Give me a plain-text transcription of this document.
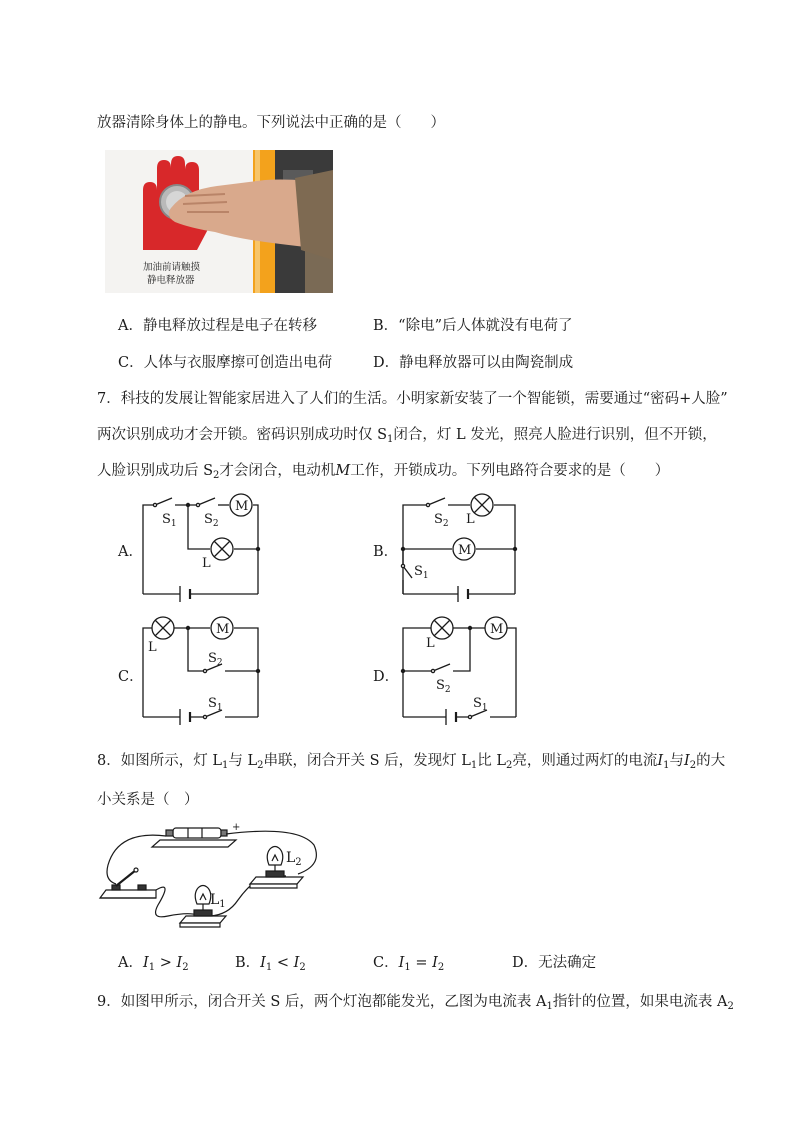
放器清除身体上的静电。下列说法中正确的是（　　）
加油前请触摸
静电释放器
A．静电释放过程是电子在转移	B．“除电”后人体就没有电荷了
C．人体与衣服摩擦可创造出电荷	D．静电释放器可以由陶瓷制成
7．科技的发展让智能家居进入了人们的生活。小明家新安装了一个智能锁，需要通过“密码+人脸”
两次识别成功才会开锁。密码识别成功时仅 $S_1$闭合，灯 L 发光，照亮人脸进行识别，但不开锁，
人脸识别成功后 $S_2$才会闭合，电动机M工作，开锁成功。下列电路符合要求的是（　　）
A．	B．
C．	D．
M
$S_1$ $S_2$
L
$S_2$ L
M
$S_1$
M
L
$S_2$
$S_1$
M
L
$S_2$
$S_1$
8．如图所示，灯 $L_1$与 $L_2$串联，闭合开关 S 后，发现灯 $L_1$比 $L_2$亮，则通过两灯的电流$I_1$与$I_2$的大
小关系是（　）
+
$L_1$
$L_2$
A．$I_1 > I_2$	B．$I_1 < I_2$	C．$I_1 = I_2$	D．无法确定
9．如图甲所示，闭合开关 S 后，两个灯泡都能发光，乙图为电流表 $A_1$指针的位置，如果电流表 $A_2$
